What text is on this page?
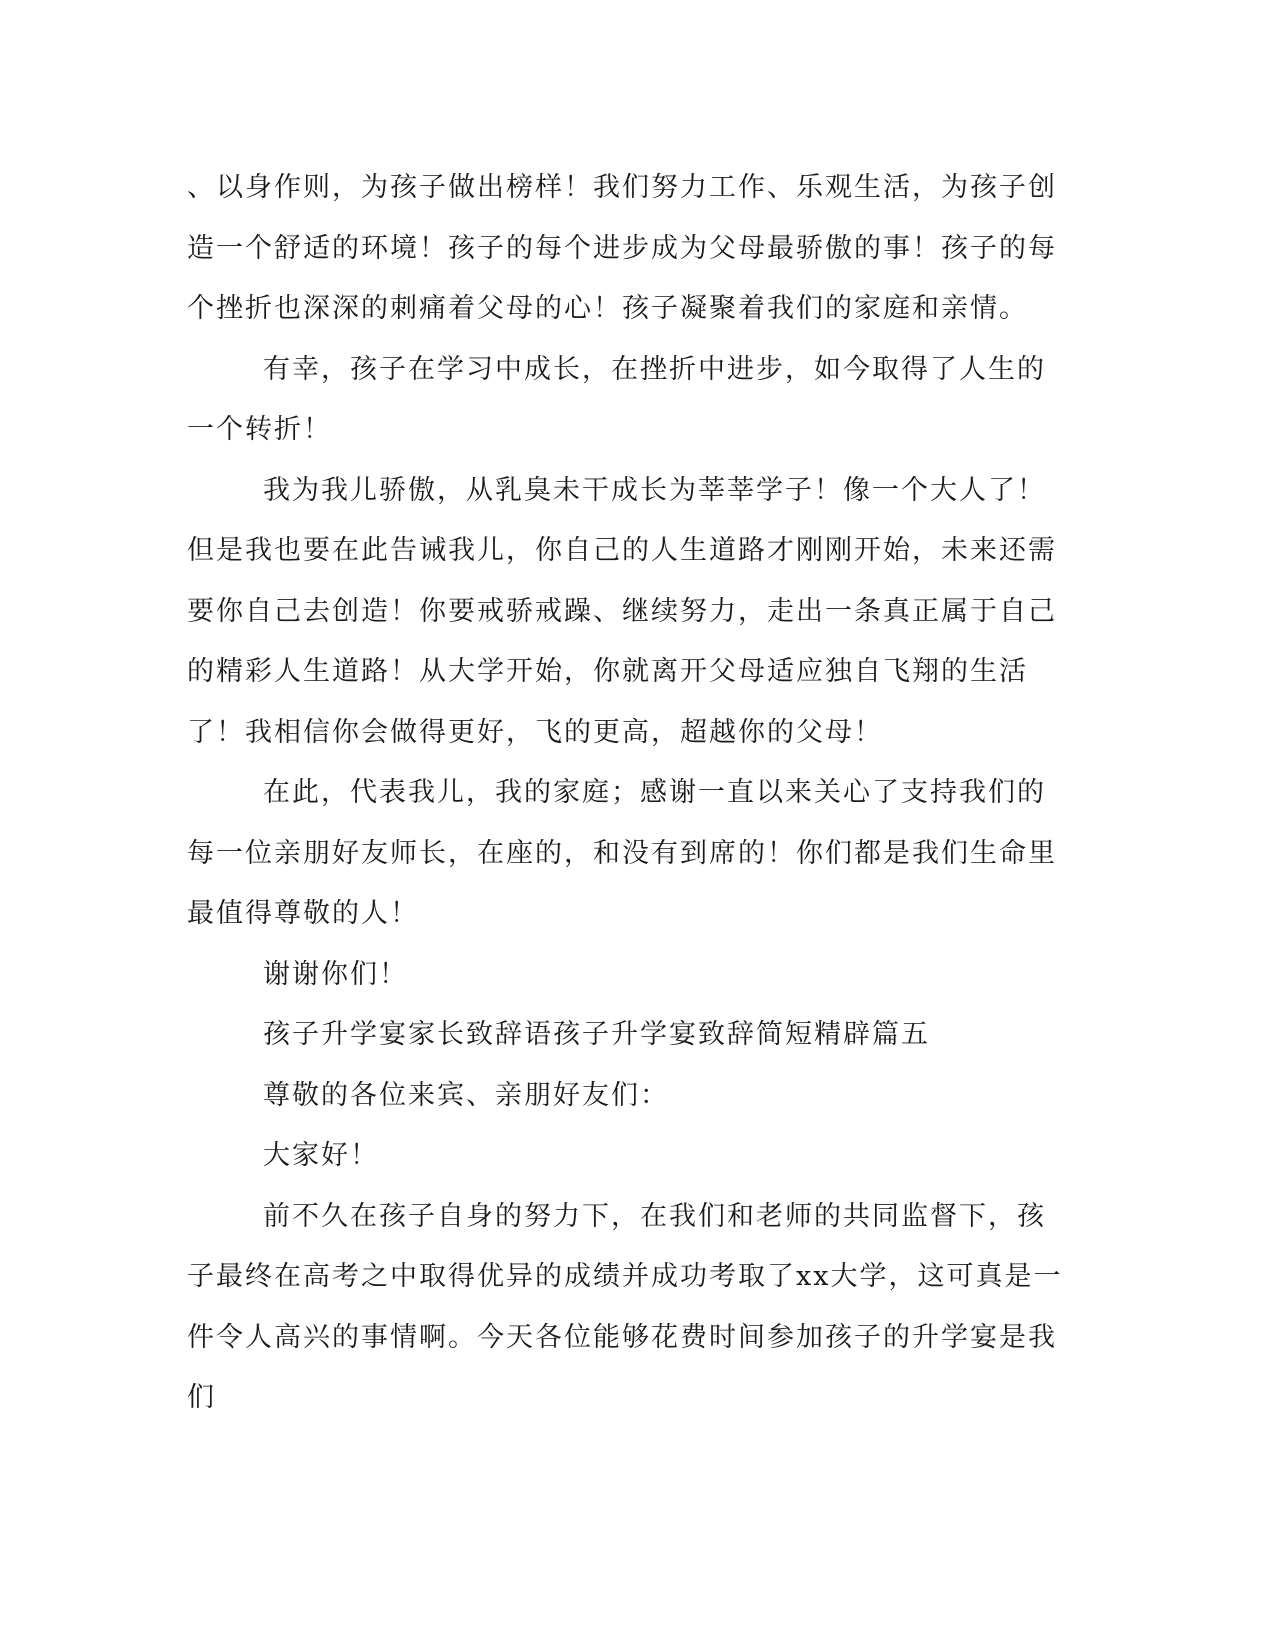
、以身作则，为孩子做出榜样！我们努力工作、乐观生活，为孩子创造一个舒适的环境！孩子的每个进步成为父母最骄傲的事！孩子的每个挫折也深深的刺痛着父母的心！孩子凝聚着我们的家庭和亲情。

有幸，孩子在学习中成长，在挫折中进步，如今取得了人生的一个转折！

我为我儿骄傲，从乳臭未干成长为莘莘学子！像一个大人了！但是我也要在此告诫我儿，你自己的人生道路才刚刚开始，未来还需要你自己去创造！你要戒骄戒躁、继续努力，走出一条真正属于自己的精彩人生道路！从大学开始，你就离开父母适应独自飞翔的生活了！我相信你会做得更好，飞的更高，超越你的父母！

在此，代表我儿，我的家庭；感谢一直以来关心了支持我们的每一位亲朋好友师长，在座的，和没有到席的！你们都是我们生命里最值得尊敬的人！

谢谢你们！

孩子升学宴家长致辞语孩子升学宴致辞简短精辟篇五

尊敬的各位来宾、亲朋好友们：

大家好！

前不久在孩子自身的努力下，在我们和老师的共同监督下，孩子最终在高考之中取得优异的成绩并成功考取了xx大学，这可真是一件令人高兴的事情啊。今天各位能够花费时间参加孩子的升学宴是我们
